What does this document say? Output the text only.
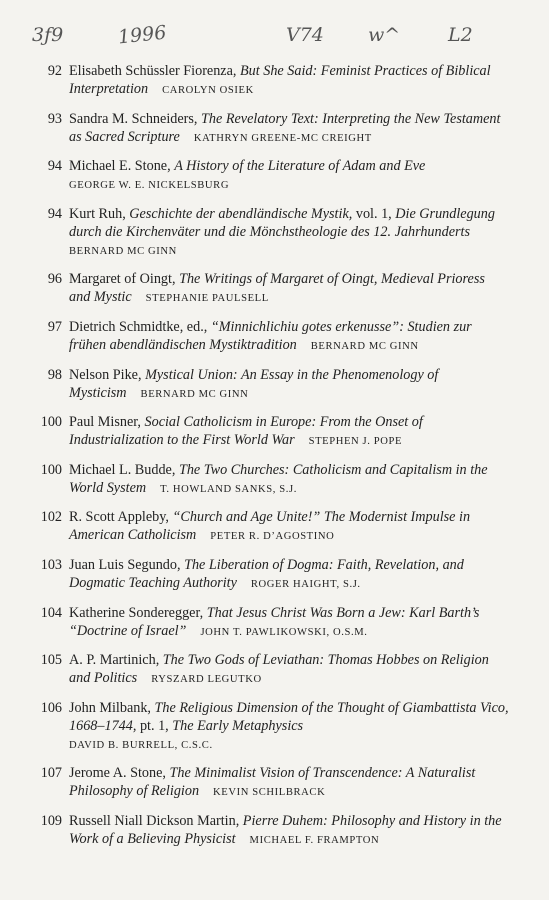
3ƒ9	1996	V74 w^	L2
92 Elisabeth Schüssler Fiorenza, But She Said: Feminist Practices of Biblical Interpretation CAROLYN OSIEK
93 Sandra M. Schneiders, The Revelatory Text: Interpreting the New Testament as Sacred Scripture KATHRYN GREENE-MC CREIGHT
94 Michael E. Stone, A History of the Literature of Adam and Eve
GEORGE W. E. NICKELSBURG
94 Kurt Ruh, Geschichte der abendländische Mystik, vol. 1, Die Grundlegung durch die Kirchenväter und die Mönchstheologie des 12. Jahrhunderts
BERNARD MC GINN
96 Margaret of Oingt, The Writings of Margaret of Oingt, Medieval Prioress and Mystic STEPHANIE PAULSELL
97 Dietrich Schmidtke, ed., “Minnichlichiu gotes erkenusse”: Studien zur frühen abendländischen Mystiktradition BERNARD MC GINN
98 Nelson Pike, Mystical Union: An Essay in the Phenomenology of Mysticism BERNARD MC GINN
100 Paul Misner, Social Catholicism in Europe: From the Onset of Industrialization to the First World War STEPHEN J. POPE
100 Michael L. Budde, The Two Churches: Catholicism and Capitalism in the World System T. HOWLAND SANKS, S.J.
102 R. Scott Appleby, “Church and Age Unite!” The Modernist Impulse in American Catholicism PETER R. D’AGOSTINO
103 Juan Luis Segundo, The Liberation of Dogma: Faith, Revelation, and Dogmatic Teaching Authority ROGER HAIGHT, S.J.
104 Katherine Sonderegger, That Jesus Christ Was Born a Jew: Karl Barth’s “Doctrine of Israel” JOHN T. PAWLIKOWSKI, O.S.M.
105 A. P. Martinich, The Two Gods of Leviathan: Thomas Hobbes on Religion and Politics RYSZARD LEGUTKO
106 John Milbank, The Religious Dimension of the Thought of Giambattista Vico, 1668–1744, pt. 1, The Early Metaphysics
DAVID B. BURRELL, C.S.C.
107 Jerome A. Stone, The Minimalist Vision of Transcendence: A Naturalist Philosophy of Religion KEVIN SCHILBRACK
109 Russell Niall Dickson Martin, Pierre Duhem: Philosophy and History in the Work of a Believing Physicist MICHAEL F. FRAMPTON
